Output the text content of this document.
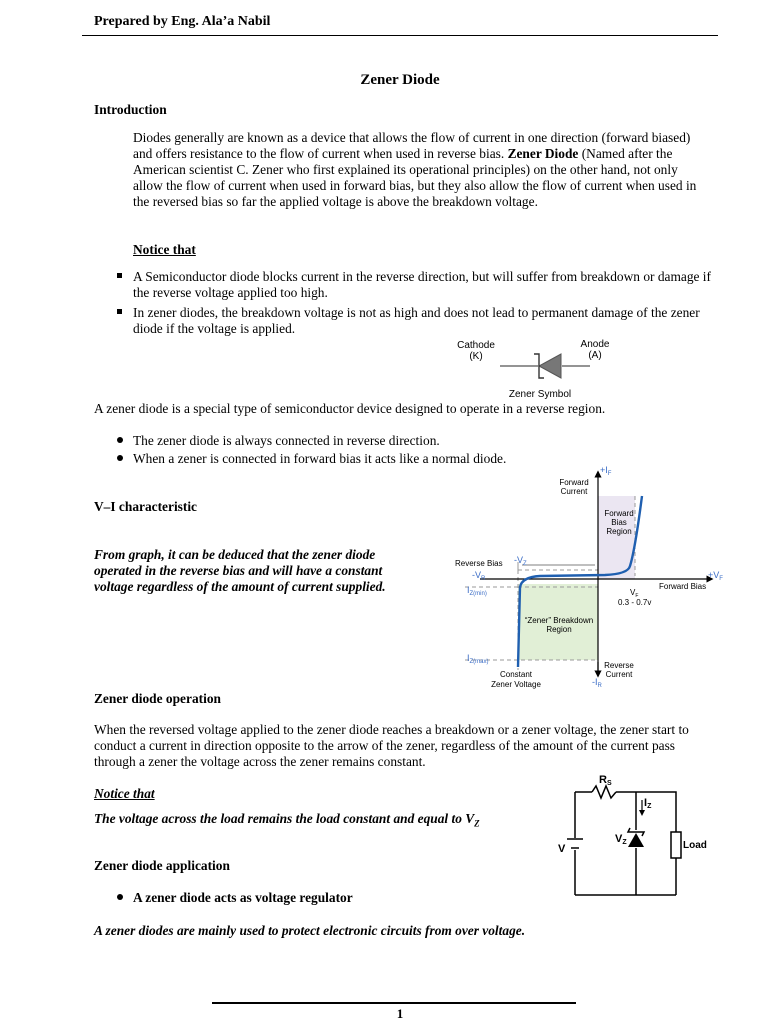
Prepared by Eng. Ala’a Nabil
Zener Diode
Introduction
Diodes generally are known as a device that allows the flow of current in one direction (forward biased) and offers resistance to the flow of current when used in reverse bias. Zener Diode (Named after the American scientist C. Zener who first explained its operational principles) on the other hand, not only allow the flow of current when used in forward bias, but they also allow the flow of current when used in the reversed bias so far the applied voltage is above the breakdown voltage.
Notice that
A Semiconductor diode blocks current in the reverse direction, but will suffer from breakdown or damage if the reverse voltage applied too high.
In zener diodes, the breakdown voltage is not as high and does not lead to permanent damage of the zener diode if the voltage is applied.
Cathode
(K)
Anode
(A)
Zener Symbol
A zener diode is a special type of semiconductor device designed to operate in a reverse region.
The zener diode is always connected in reverse direction.
When a zener is connected in forward bias it acts like a normal diode.
V–I characteristic
From graph, it can be deduced that the zener diode operated in the reverse bias and will have a constant voltage regardless of the amount of current supplied.
$+I_F$
Forward
Current
Forward
Bias
Region
$-V_Z$
Reverse Bias
$-V_R$	$+V_F$
Forward Bias
$V_F$
0.3 - 0.7v
$I_{Z(min)}$
$I_{Z(max)}$
“Zener” Breakdown
Region
Reverse
Current
$-I_R$
Constant
Zener Voltage
Zener diode operation
When the reversed voltage applied to the zener diode reaches a breakdown or a zener voltage, the zener start to conduct a current in direction opposite to the arrow of the zener, regardless of the amount of the current pass through a zener the voltage across the zener remains constant.
Notice that
The voltage across the load remains the load constant and equal to $V_Z$
RS
IZ
VZ
V	Load
Zener diode application
A zener diode acts as voltage regulator
A zener diodes are mainly used to protect electronic circuits from over voltage.
1
